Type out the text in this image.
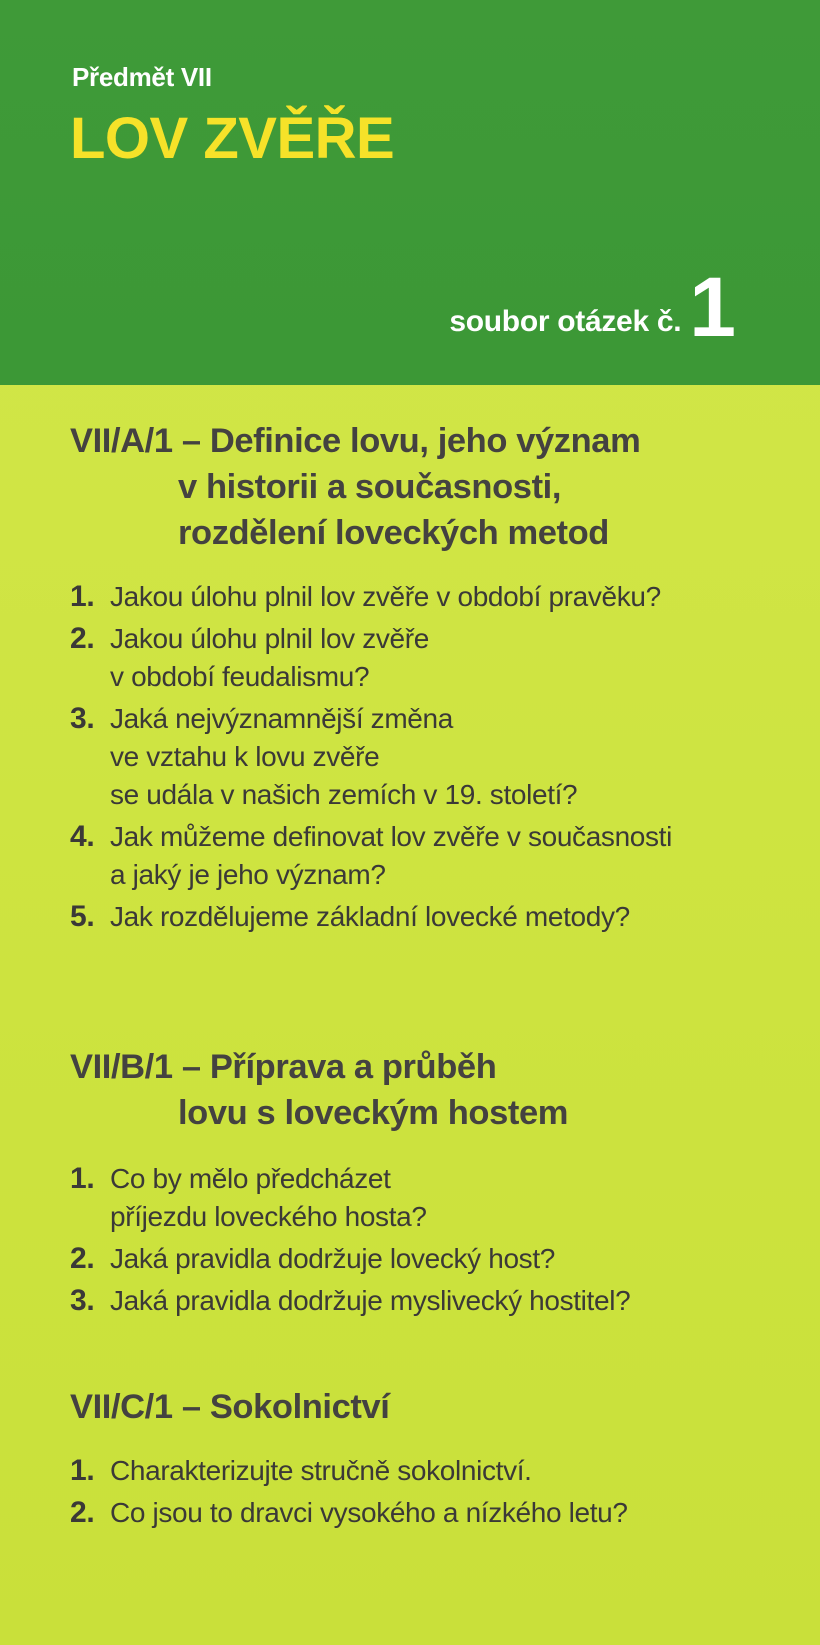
Předmět VII
LOV ZVĚŘE
soubor otázek č.1
VII/A/1 – Definice lovu, jeho význam
v historii a současnosti,
rozdělení loveckých metod
1. Jakou úlohu plnil lov zvěře v období pravěku?
2. Jakou úlohu plnil lov zvěře
v období feudalismu?
3. Jaká nejvýznamnější změna
ve vztahu k lovu zvěře
se udála v našich zemích v 19. století?
4. Jak můžeme definovat lov zvěře v současnosti
a jaký je jeho význam?
5. Jak rozdělujeme základní lovecké metody?
VII/B/1 – Příprava a průběh
lovu s loveckým hostem
1. Co by mělo předcházet
příjezdu loveckého hosta?
2. Jaká pravidla dodržuje lovecký host?
3. Jaká pravidla dodržuje myslivecký hostitel?
VII/C/1 – Sokolnictví
1. Charakterizujte stručně sokolnictví.
2. Co jsou to dravci vysokého a nízkého letu?
